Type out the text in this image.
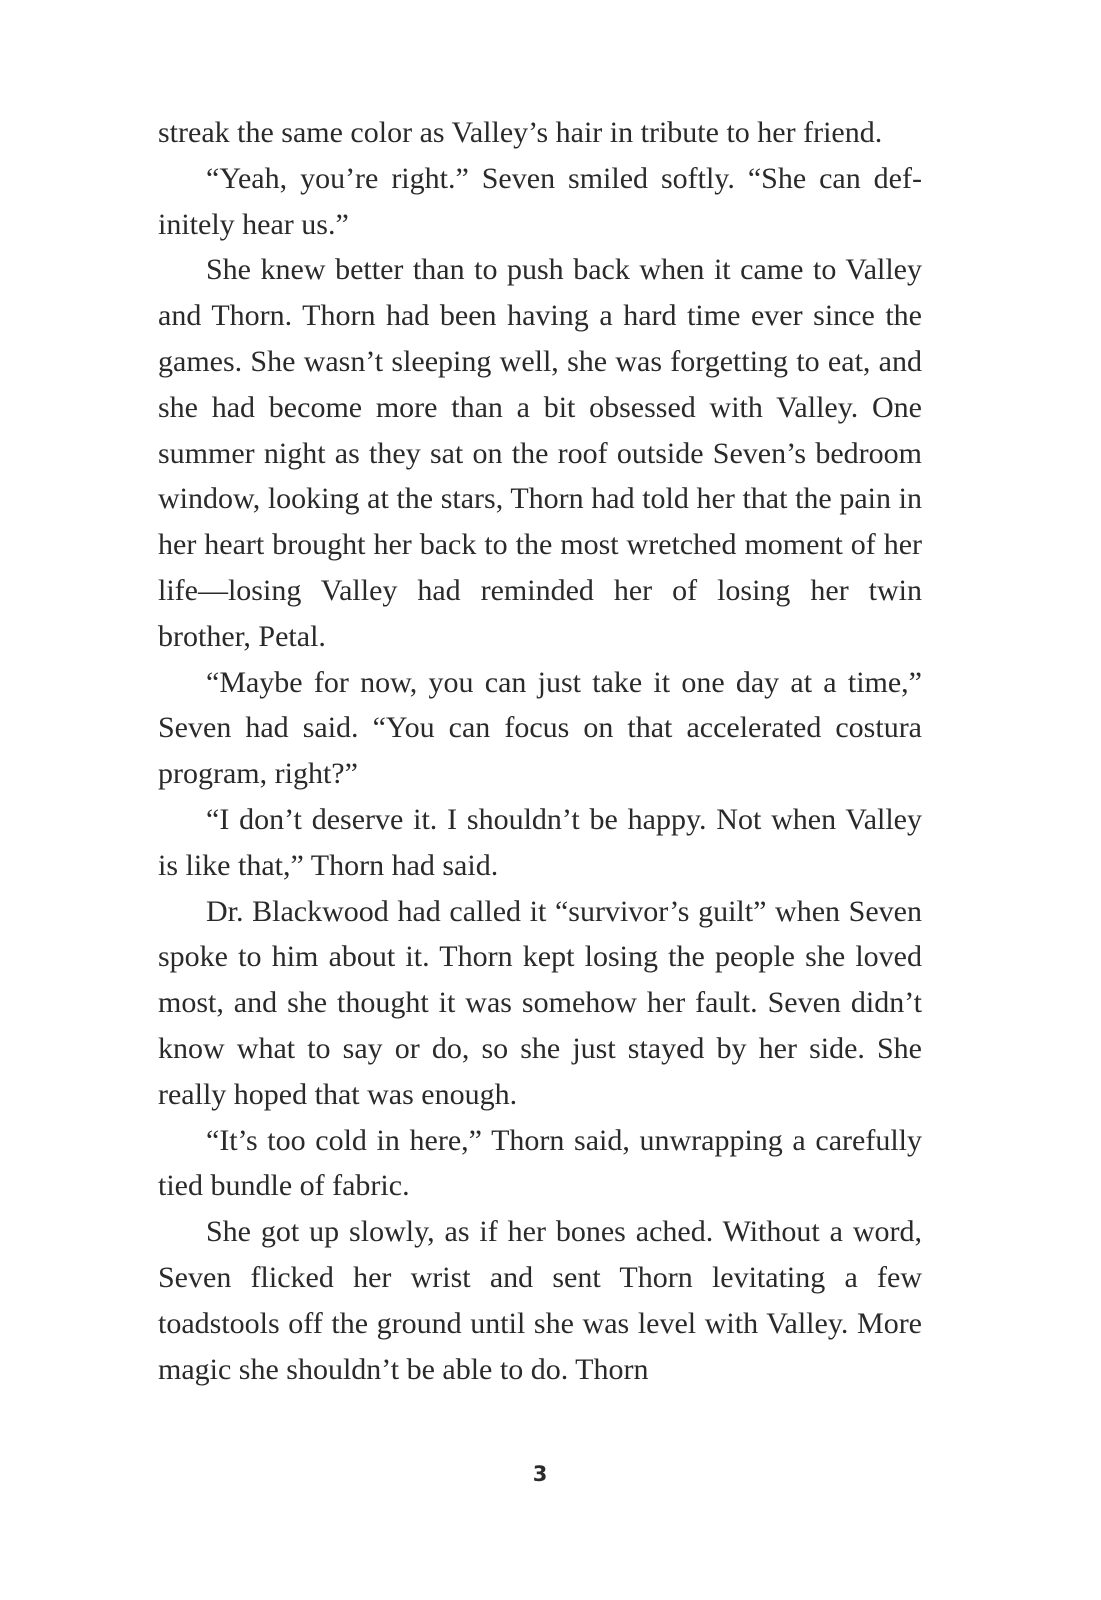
streak the same color as Valley’s hair in tribute to her friend.

“Yeah, you’re right.” Seven smiled softly. “She can definitely hear us.”

She knew better than to push back when it came to Valley and Thorn. Thorn had been having a hard time ever since the games. She wasn’t sleeping well, she was forgetting to eat, and she had become more than a bit obsessed with Valley. One summer night as they sat on the roof outside Seven’s bedroom window, looking at the stars, Thorn had told her that the pain in her heart brought her back to the most wretched moment of her life—losing Valley had reminded her of losing her twin brother, Petal.

“Maybe for now, you can just take it one day at a time,” Seven had said. “You can focus on that accelerated costura program, right?”

“I don’t deserve it. I shouldn’t be happy. Not when Valley is like that,” Thorn had said.

Dr. Blackwood had called it “survivor’s guilt” when Seven spoke to him about it. Thorn kept losing the people she loved most, and she thought it was somehow her fault. Seven didn’t know what to say or do, so she just stayed by her side. She really hoped that was enough.

“It’s too cold in here,” Thorn said, unwrapping a carefully tied bundle of fabric.

She got up slowly, as if her bones ached. Without a word, Seven flicked her wrist and sent Thorn levitating a few toadstools off the ground until she was level with Valley. More magic she shouldn’t be able to do. Thorn

3
